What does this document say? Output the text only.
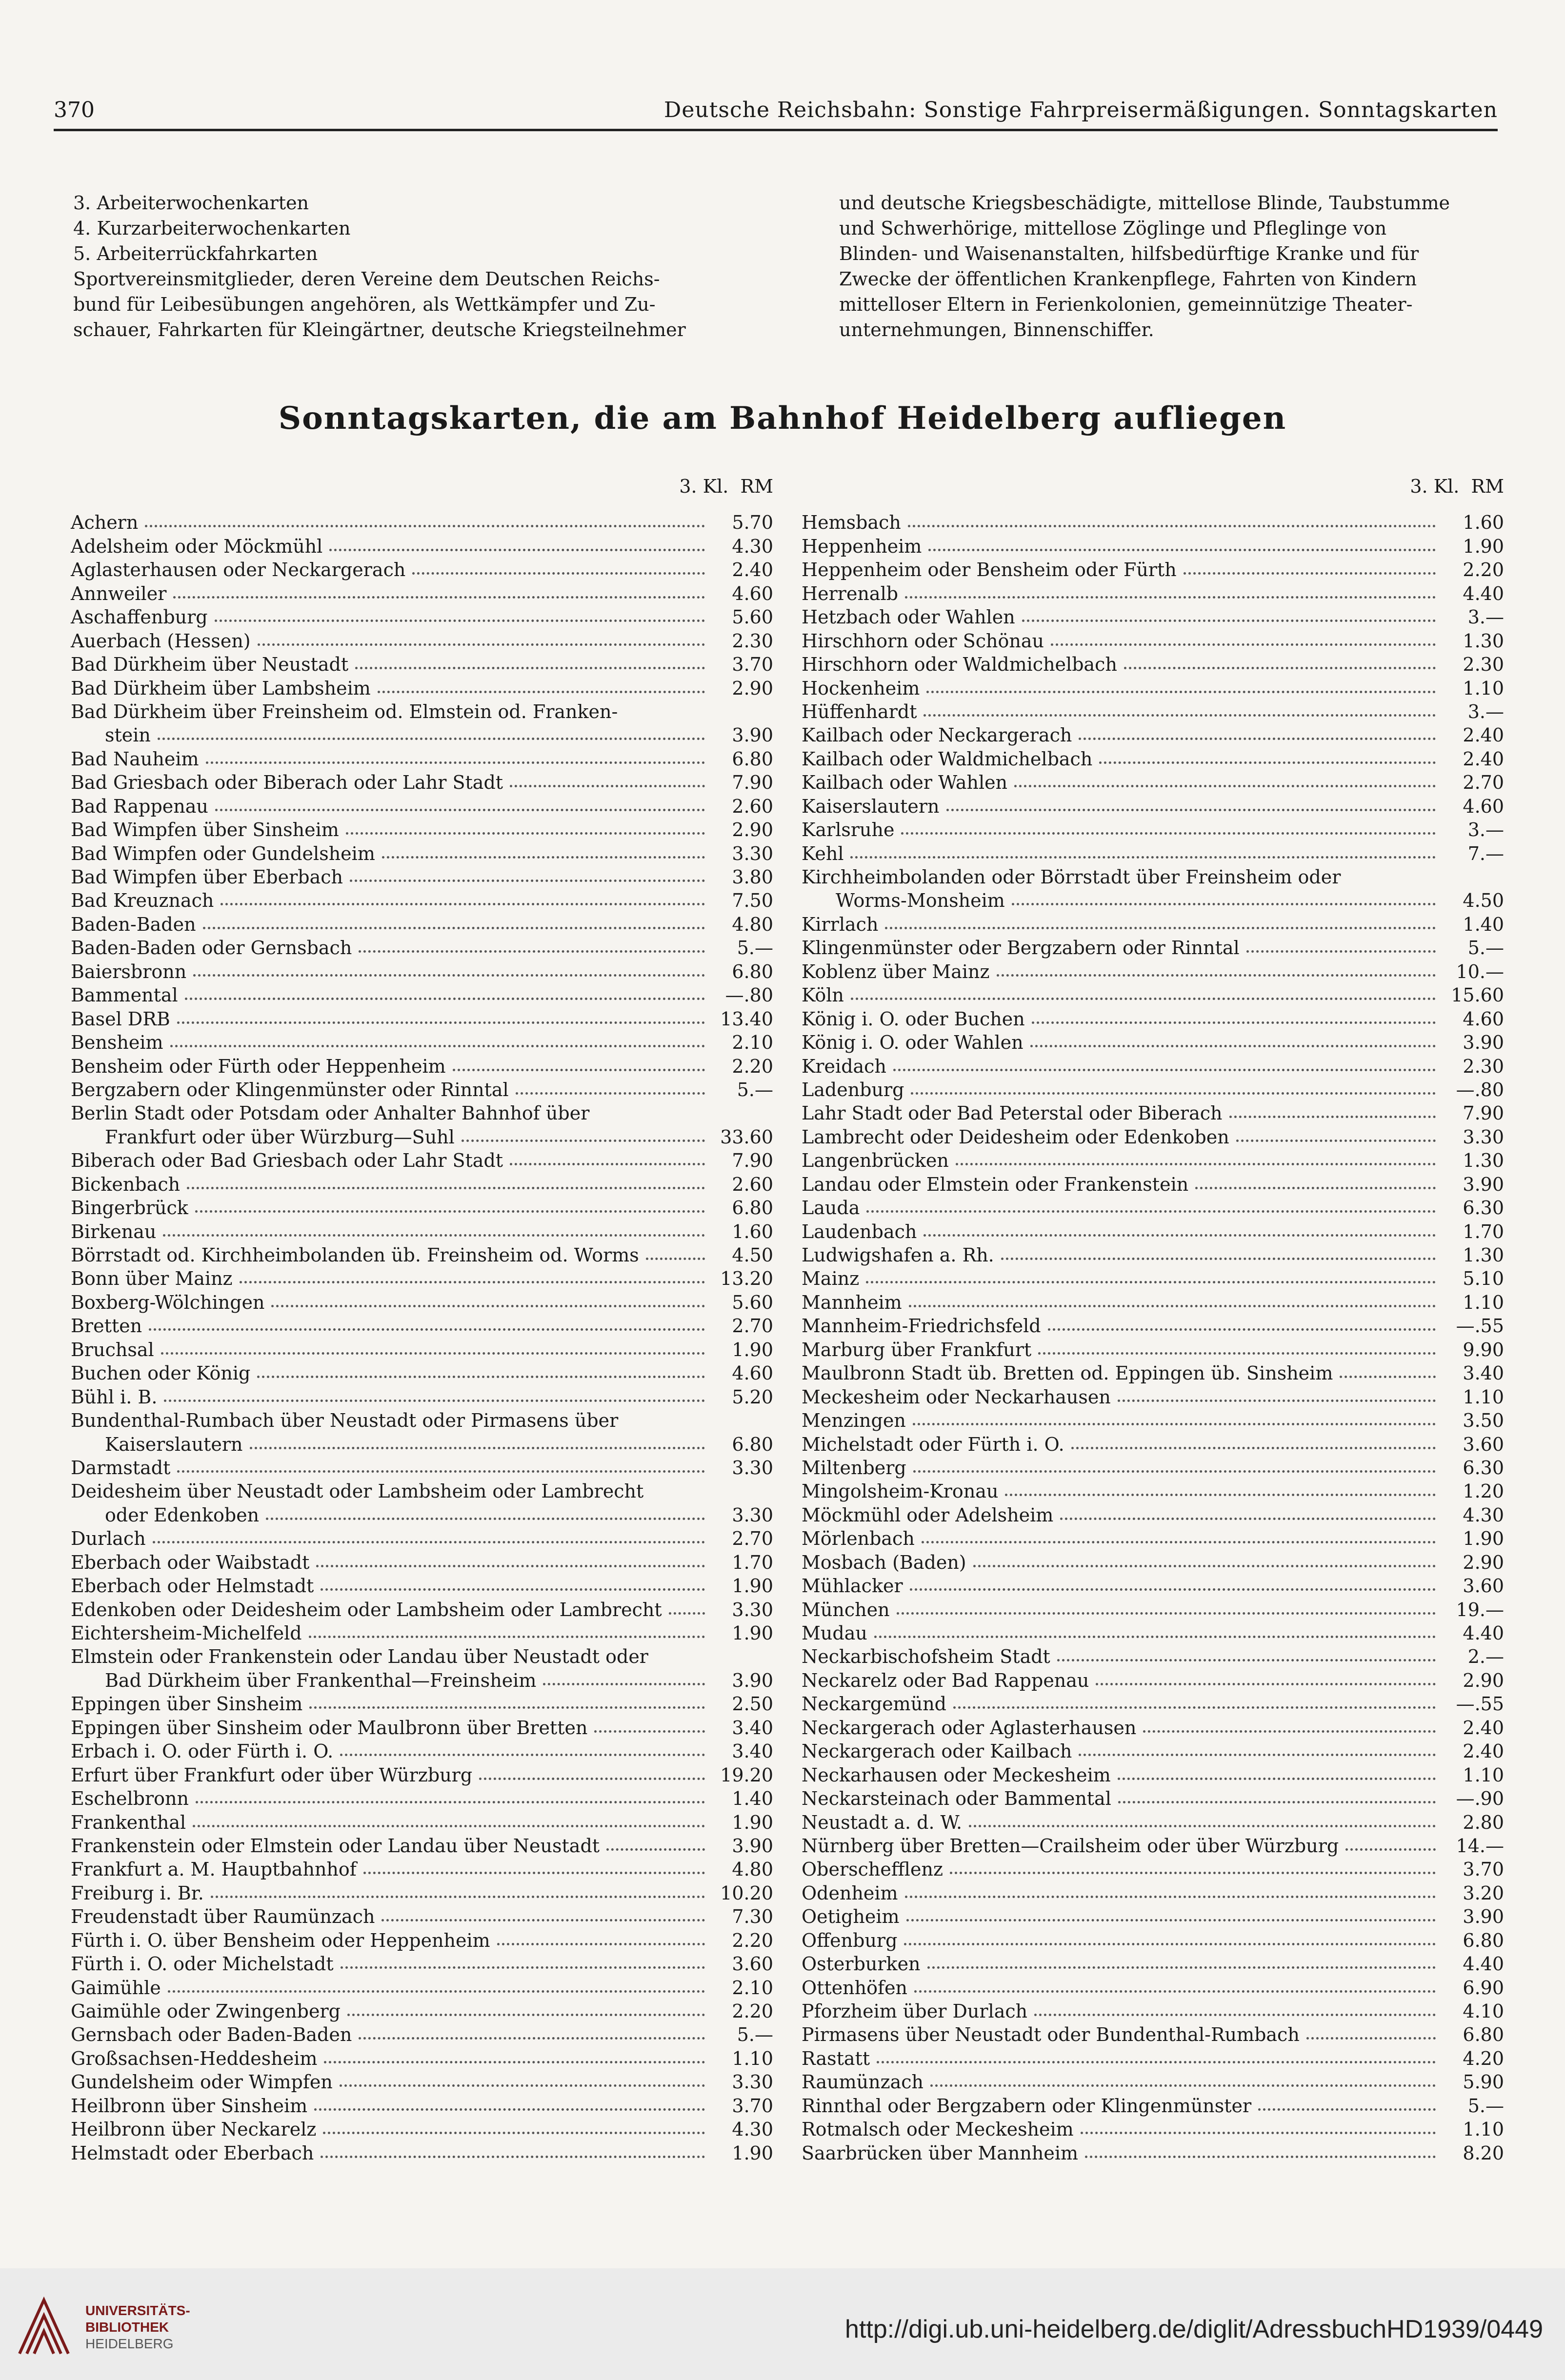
370	Deutsche Reichsbahn: Sonstige Fahrpreisermäßigungen. Sonntagskarten
3. Arbeiterwochenkarten
4. Kurzarbeiterwochenkarten
5. Arbeiterrückfahrkarten
Sportvereinsmitglieder, deren Vereine dem Deutschen Reichs-
bund für Leibesübungen angehören, als Wettkämpfer und Zu-
schauer, Fahrkarten für Kleingärtner, deutsche Kriegsteilnehmer
und deutsche Kriegsbeschädigte, mittellose Blinde, Taubstumme
und Schwerhörige, mittellose Zöglinge und Pfleglinge von
Blinden- und Waisenanstalten, hilfsbedürftige Kranke und für
Zwecke der öffentlichen Krankenpflege, Fahrten von Kindern
mittelloser Eltern in Ferienkolonien, gemeinnützige Theater-
unternehmungen, Binnenschiffer.
Sonntagskarten, die am Bahnhof Heidelberg aufliegen
3. Kl.  RM
Achern	5.70
Adelsheim oder Möckmühl	4.30
Aglasterhausen oder Neckargerach	2.40
Annweiler	4.60
Aschaffenburg	5.60
Auerbach (Hessen)	2.30
Bad Dürkheim über Neustadt	3.70
Bad Dürkheim über Lambsheim	2.90
Bad Dürkheim über Freinsheim od. Elmstein od. Franken-
stein	3.90
Bad Nauheim	6.80
Bad Griesbach oder Biberach oder Lahr Stadt	7.90
Bad Rappenau	2.60
Bad Wimpfen über Sinsheim	2.90
Bad Wimpfen oder Gundelsheim	3.30
Bad Wimpfen über Eberbach	3.80
Bad Kreuznach	7.50
Baden-Baden	4.80
Baden-Baden oder Gernsbach	5.—
Baiersbronn	6.80
Bammental	—.80
Basel DRB	13.40
Bensheim	2.10
Bensheim oder Fürth oder Heppenheim	2.20
Bergzabern oder Klingenmünster oder Rinntal	5.—
Berlin Stadt oder Potsdam oder Anhalter Bahnhof über
Frankfurt oder über Würzburg—Suhl	33.60
Biberach oder Bad Griesbach oder Lahr Stadt	7.90
Bickenbach	2.60
Bingerbrück	6.80
Birkenau	1.60
Börrstadt od. Kirchheimbolanden üb. Freinsheim od. Worms	4.50
Bonn über Mainz	13.20
Boxberg-Wölchingen	5.60
Bretten	2.70
Bruchsal	1.90
Buchen oder König	4.60
Bühl i. B.	5.20
Bundenthal-Rumbach über Neustadt oder Pirmasens über
Kaiserslautern	6.80
Darmstadt	3.30
Deidesheim über Neustadt oder Lambsheim oder Lambrecht
oder Edenkoben	3.30
Durlach	2.70
Eberbach oder Waibstadt	1.70
Eberbach oder Helmstadt	1.90
Edenkoben oder Deidesheim oder Lambsheim oder Lambrecht	3.30
Eichtersheim-Michelfeld	1.90
Elmstein oder Frankenstein oder Landau über Neustadt oder
Bad Dürkheim über Frankenthal—Freinsheim	3.90
Eppingen über Sinsheim	2.50
Eppingen über Sinsheim oder Maulbronn über Bretten	3.40
Erbach i. O. oder Fürth i. O.	3.40
Erfurt über Frankfurt oder über Würzburg	19.20
Eschelbronn	1.40
Frankenthal	1.90
Frankenstein oder Elmstein oder Landau über Neustadt	3.90
Frankfurt a. M. Hauptbahnhof	4.80
Freiburg i. Br.	10.20
Freudenstadt über Raumünzach	7.30
Fürth i. O. über Bensheim oder Heppenheim	2.20
Fürth i. O. oder Michelstadt	3.60
Gaimühle	2.10
Gaimühle oder Zwingenberg	2.20
Gernsbach oder Baden-Baden	5.—
Großsachsen-Heddesheim	1.10
Gundelsheim oder Wimpfen	3.30
Heilbronn über Sinsheim	3.70
Heilbronn über Neckarelz	4.30
Helmstadt oder Eberbach	1.90
3. Kl.  RM
Hemsbach	1.60
Heppenheim	1.90
Heppenheim oder Bensheim oder Fürth	2.20
Herrenalb	4.40
Hetzbach oder Wahlen	3.—
Hirschhorn oder Schönau	1.30
Hirschhorn oder Waldmichelbach	2.30
Hockenheim	1.10
Hüffenhardt	3.—
Kailbach oder Neckargerach	2.40
Kailbach oder Waldmichelbach	2.40
Kailbach oder Wahlen	2.70
Kaiserslautern	4.60
Karlsruhe	3.—
Kehl	7.—
Kirchheimbolanden oder Börrstadt über Freinsheim oder
Worms-Monsheim	4.50
Kirrlach	1.40
Klingenmünster oder Bergzabern oder Rinntal	5.—
Koblenz über Mainz	10.—
Köln	15.60
König i. O. oder Buchen	4.60
König i. O. oder Wahlen	3.90
Kreidach	2.30
Ladenburg	—.80
Lahr Stadt oder Bad Peterstal oder Biberach	7.90
Lambrecht oder Deidesheim oder Edenkoben	3.30
Langenbrücken	1.30
Landau oder Elmstein oder Frankenstein	3.90
Lauda	6.30
Laudenbach	1.70
Ludwigshafen a. Rh.	1.30
Mainz	5.10
Mannheim	1.10
Mannheim-Friedrichsfeld	—.55
Marburg über Frankfurt	9.90
Maulbronn Stadt üb. Bretten od. Eppingen üb. Sinsheim	3.40
Meckesheim oder Neckarhausen	1.10
Menzingen	3.50
Michelstadt oder Fürth i. O.	3.60
Miltenberg	6.30
Mingolsheim-Kronau	1.20
Möckmühl oder Adelsheim	4.30
Mörlenbach	1.90
Mosbach (Baden)	2.90
Mühlacker	3.60
München	19.—
Mudau	4.40
Neckarbischofsheim Stadt	2.—
Neckarelz oder Bad Rappenau	2.90
Neckargemünd	—.55
Neckargerach oder Aglasterhausen	2.40
Neckargerach oder Kailbach	2.40
Neckarhausen oder Meckesheim	1.10
Neckarsteinach oder Bammental	—.90
Neustadt a. d. W.	2.80
Nürnberg über Bretten—Crailsheim oder über Würzburg	14.—
Oberschefflenz	3.70
Odenheim	3.20
Oetigheim	3.90
Offenburg	6.80
Osterburken	4.40
Ottenhöfen	6.90
Pforzheim über Durlach	4.10
Pirmasens über Neustadt oder Bundenthal-Rumbach	6.80
Rastatt	4.20
Raumünzach	5.90
Rinnthal oder Bergzabern oder Klingenmünster	5.—
Rotmalsch oder Meckesheim	1.10
Saarbrücken über Mannheim	8.20
UNIVERSITÄTS-
BIBLIOTHEK
HEIDELBERG
http://digi.ub.uni-heidelberg.de/diglit/AdressbuchHD1939/0449
